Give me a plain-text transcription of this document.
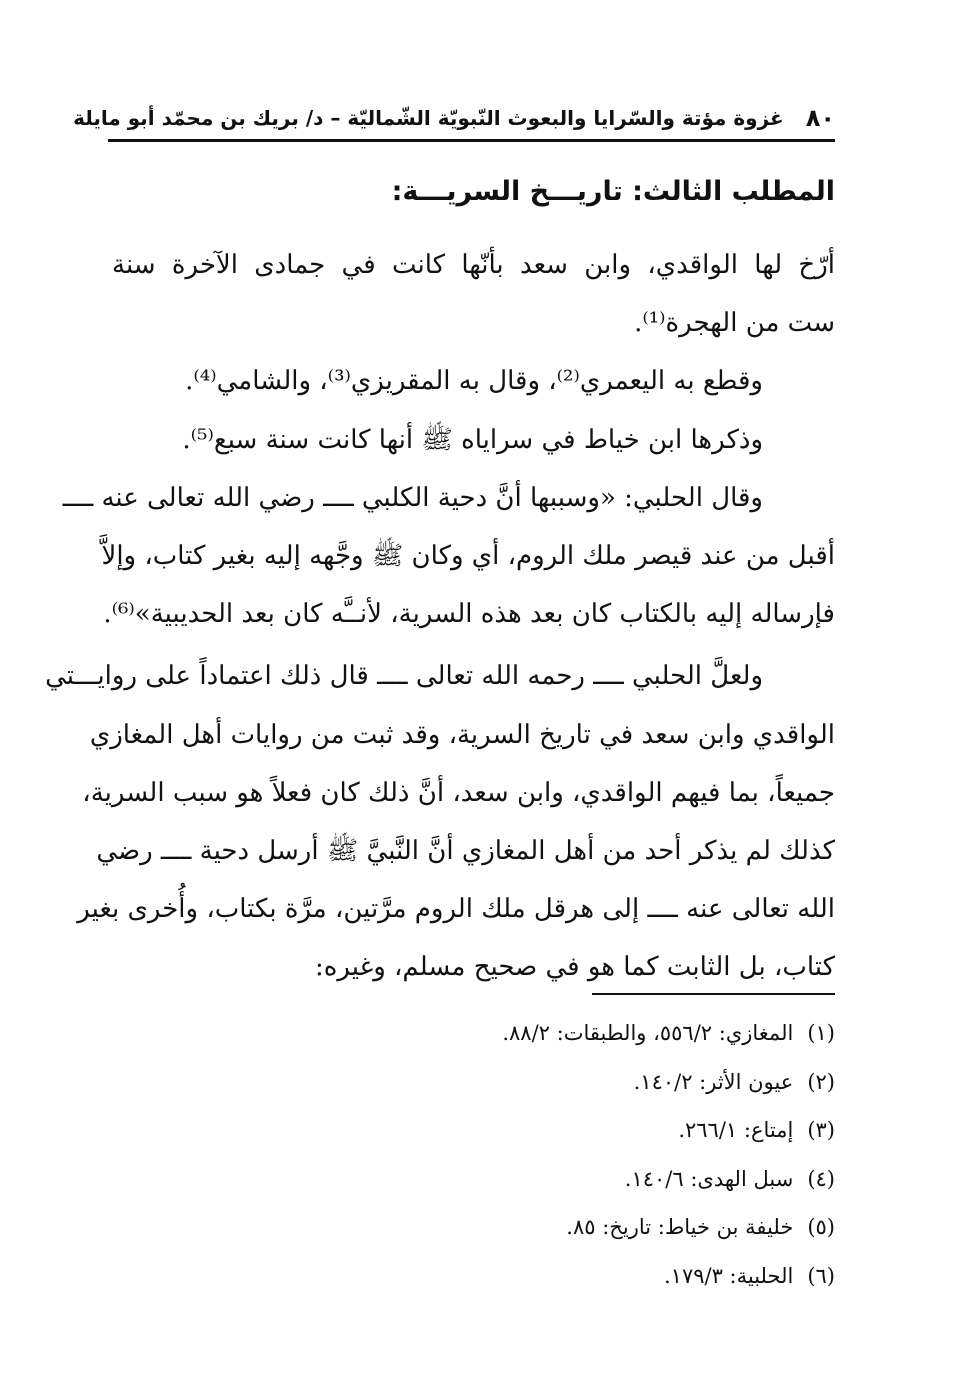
٨٠
غزوة مؤتة والسّرايا والبعوث النّبويّة الشّماليّة – د/ بريك بن محمّد أبو مايلة
المطلب الثالث: تاريـــخ السريـــة:
أرّخ لها الواقدي، وابن سعد بأنّها كانت في جمادى الآخرة سنة
ست من الهجرة⁽¹⁾.
وقطع به اليعمري⁽²⁾، وقال به المقريزي⁽³⁾، والشامي⁽⁴⁾.
وذكرها ابن خياط في سراياه ﷺ أنها كانت سنة سبع⁽⁵⁾.
وقال الحلبي: «وسببها أنَّ دحية الكلبي ــــ رضي الله تعالى عنه ــــ
أقبل من عند قيصر ملك الروم، أي وكان ﷺ وجَّهه إليه بغير كتاب، وإلاَّ
فإرساله إليه بالكتاب كان بعد هذه السرية، لأنــَّه كان بعد الحديبية»⁽⁶⁾.
ولعلَّ الحلبي ــــ رحمه الله تعالى ــــ قال ذلك اعتماداً على روايـــتي
الواقدي وابن سعد في تاريخ السرية، وقد ثبت من روايات أهل المغازي
جميعاً، بما فيهم الواقدي، وابن سعد، أنَّ ذلك كان فعلاً هو سبب السرية،
كذلك لم يذكر أحد من أهل المغازي أنَّ النَّبيَّ ﷺ أرسل دحية ــــ رضي
الله تعالى عنه ــــ إلى هرقل ملك الروم مرَّتين، مرَّة بكتاب، وأُخرى بغير
كتاب، بل الثابت كما هو في صحيح مسلم، وغيره:
(١)المغازي: ٥٥٦/٢، والطبقات: ٨٨/٢.
(٢)عيون الأثر: ١٤٠/٢.
(٣)إمتاع: ٢٦٦/١.
(٤)سبل الهدى: ١٤٠/٦.
(٥)خليفة بن خياط: تاريخ: ٨٥.
(٦)الحلبية: ١٧٩/٣.
